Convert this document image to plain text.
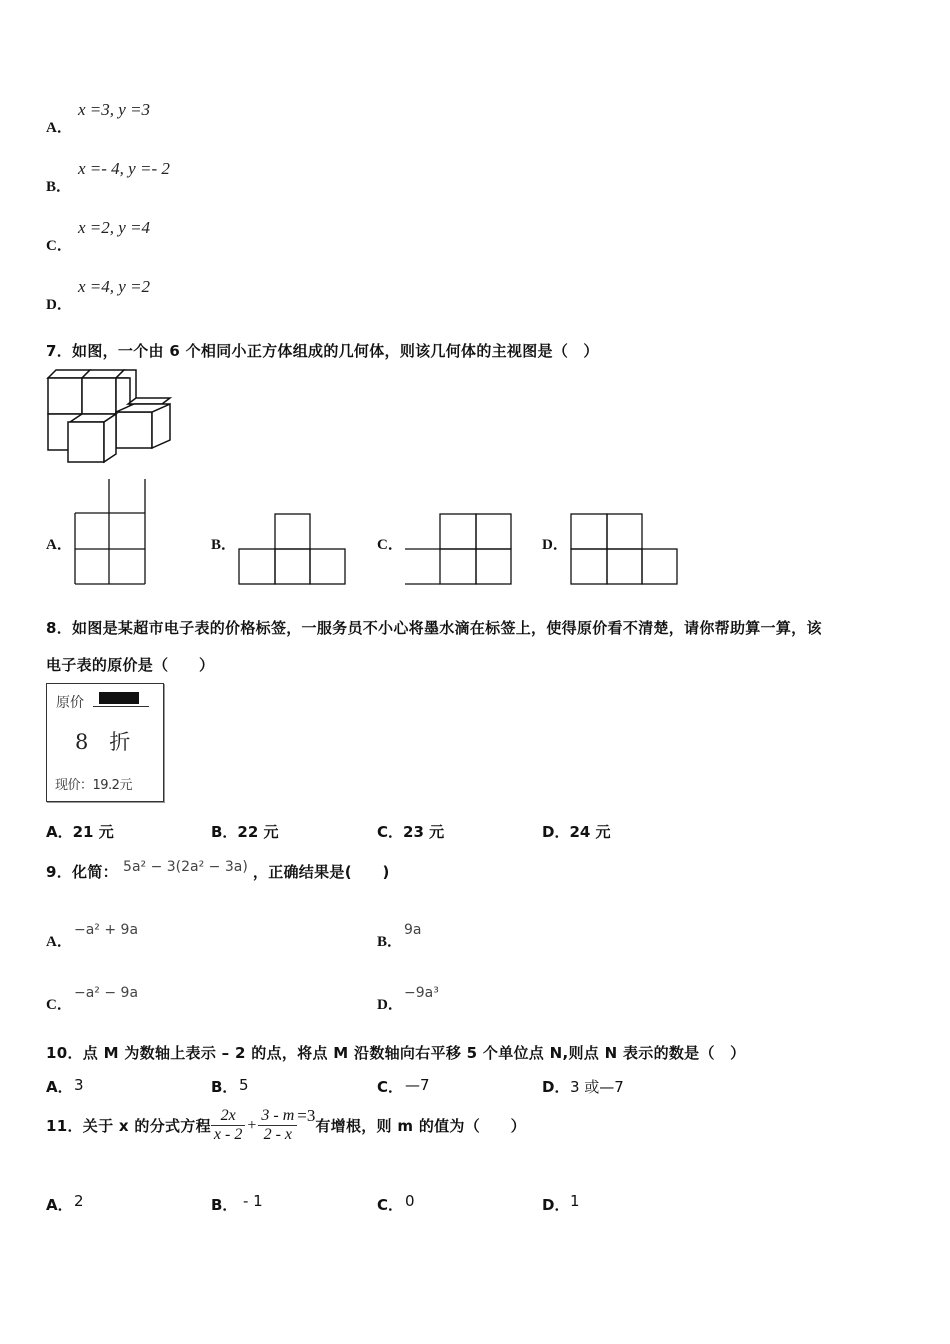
A．
x =3, y =3
B．
x =- 4, y =- 2
C．
x =2, y =4
D．
x =4, y =2
7．如图，一个由 6 个相同小正方体组成的几何体，则该几何体的主视图是（　）
A．	B．	C．	D．
8．如图是某超市电子表的价格标签，一服务员不小心将墨水滴在标签上，使得原价看不清楚，请你帮助算一算，该
电子表的原价是（　　）
原价
8　折
现价：19.2元
A．21 元	B．22 元	C．23 元	D．24 元
9．化简： 5a² − 3(2a² − 3a) ，正确结果是(　　)
A．
−a² + 9a
B．
9a
C．
−a² − 9a
D．
−9a³
10．点 M 为数轴上表示 – 2 的点，将点 M 沿数轴向右平移 5 个单位点 N,则点 N 表示的数是（　）
A． 3	B． 5	C． —7	D． 3 或—7
11．关于 x 的分式方程 $\frac{2x}{x - 2} + \frac{3 - m}{2 - x} =3$
有增根，则 m 的值为（　　）
A． 2	B． - 1	C． 0	D． 1
